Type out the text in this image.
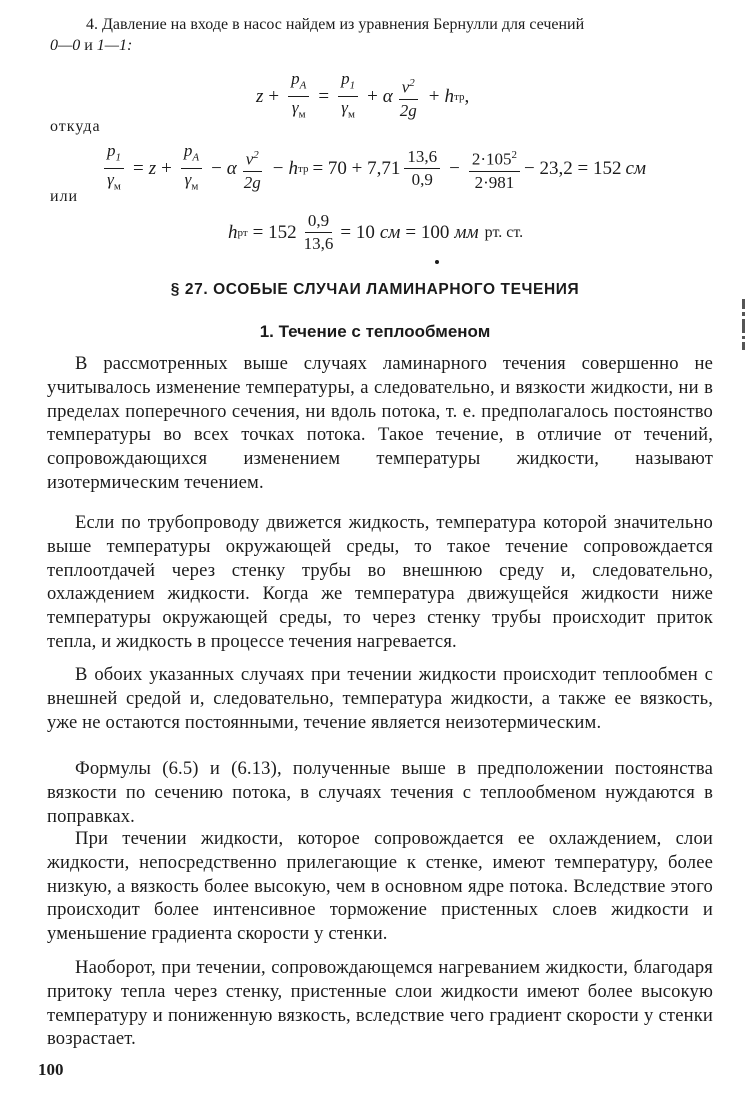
4. Давление на входе в насос найдем из уравнения Бернулли для сечений
0—0 и 1—1:
$z + \frac{p_A}{\gamma_м} = \frac{p_1}{\gamma_м} + \alpha \frac{v^2}{2g} + h$ тр ,
откуда
$\frac{p_1}{\gamma_м} = z + \frac{p_A}{\gamma_м} - \alpha \frac{v^2}{2g} - h$ тр = $70 + 7,71 \frac{13,6}{0,9} - \frac{2\cdot 105^2}{2\cdot 981} - 23,2 = 152$ см
или
h рт = $152 \frac{0,9}{13,6} = 10$ см = 100 мм рт. ст.
§ 27. ОСОБЫЕ СЛУЧАИ ЛАМИНАРНОГО ТЕЧЕНИЯ
1. Течение с теплообменом

В рассмотренных выше случаях ламинарного течения совершенно не учитывалось изменение температуры, а следовательно, и вязкости жидкости, ни в пределах поперечного сечения, ни вдоль потока, т. е. предполагалось постоянство температуры во всех точках потока. Такое течение, в отличие от течений, сопровождающихся изменением температуры жидкости, называют изотермическим течением.

Если по трубопроводу движется жидкость, температура которой значительно выше температуры окружающей среды, то такое течение сопровождается теплоотдачей через стенку трубы во внешнюю среду и, следовательно, охлаждением жидкости. Когда же температура движущейся жидкости ниже температуры окружающей среды, то через стенку трубы происходит приток тепла, и жидкость в процессе течения нагревается.

В обоих указанных случаях при течении жидкости происходит теплообмен с внешней средой и, следовательно, температура жидкости, а также ее вязкость, уже не остаются постоянными, течение является неизотермическим.

Формулы (6.5) и (6.13), полученные выше в предположении постоянства вязкости по сечению потока, в случаях течения с теплообменом нуждаются в поправках.

При течении жидкости, которое сопровождается ее охлаждением, слои жидкости, непосредственно прилегающие к стенке, имеют температуру, более низкую, а вязкость более высокую, чем в основном ядре потока. Вследствие этого происходит более интенсивное торможение пристенных слоев жидкости и уменьшение градиента скорости у стенки.

Наоборот, при течении, сопровождающемся нагреванием жидкости, благодаря притоку тепла через стенку, пристенные слои жидкости имеют более высокую температуру и пониженную вязкость, вследствие чего градиент скорости у стенки возрастает.

100
